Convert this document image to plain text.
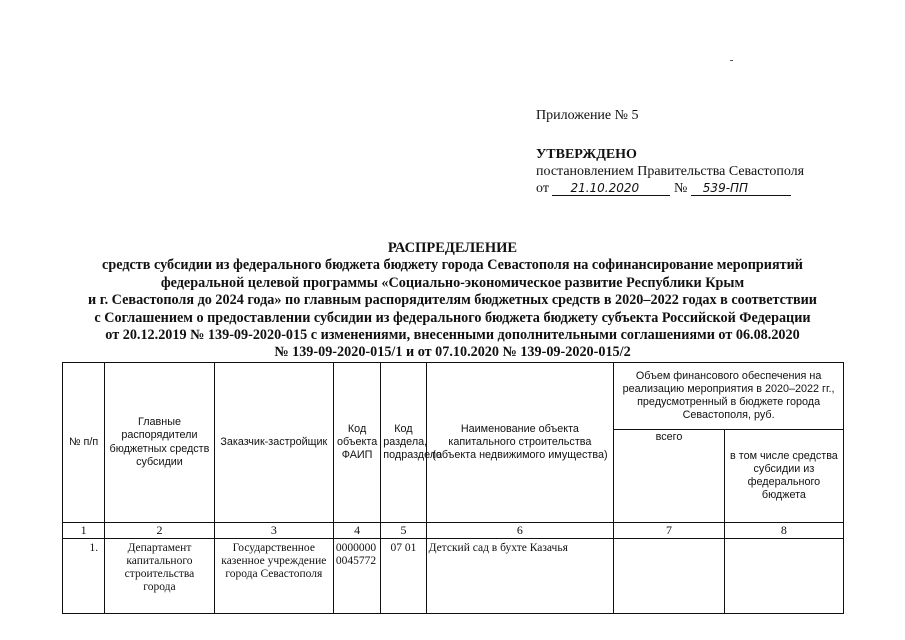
Приложение № 5
УТВЕРЖДЕНО
постановлением Правительства Севастополя
от 21.10.2020 № 539-ПП
РАСПРЕДЕЛЕНИЕ
средств субсидии из федерального бюджета бюджету города Севастополя на софинансирование мероприятий
федеральной целевой программы «Социально-экономическое развитие Республики Крым
и г. Севастополя до 2024 года» по главным распорядителям бюджетных средств в 2020–2022 годах в соответствии
с Соглашением о предоставлении субсидии из федерального бюджета бюджету субъекта Российской Федерации
от 20.12.2019 № 139-09-2020-015 с изменениями, внесенными дополнительными соглашениями от 06.08.2020
№ 139-09-2020-015/1 и от 07.10.2020 № 139-09-2020-015/2
№ п/п	Главные распорядители бюджетных средств субсидии	Заказчик-застройщик	Код объекта ФАИП	Код раздела, подраздела	Наименование объекта капитального строительства (объекта недвижимого имущества)	Объем финансового обеспечения на реализацию мероприятия в 2020–2022 гг., предусмотренный в бюджете города Севастополя, руб.	
						всего	в том числе средства субсидии из федерального бюджета
1	2	3	4	5	6	7	8
1.	Департамент капитального строительства города	Государственное казенное учреждение города Севастополя	0000000 0045772	07 01	Детский сад в бухте Казачья		
